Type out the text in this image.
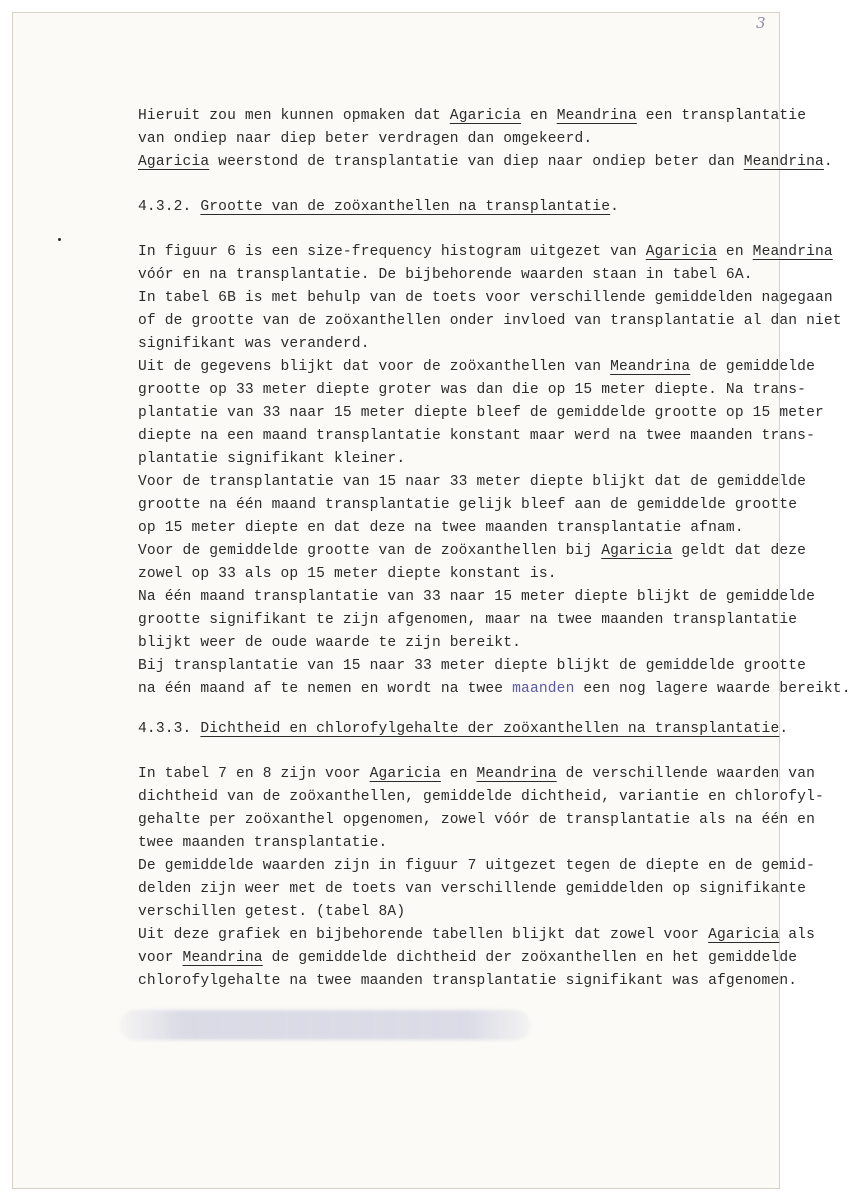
3
Hieruit zou men kunnen opmaken dat Agaricia en Meandrina een transplantatie
van ondiep naar diep beter verdragen dan omgekeerd.
Agaricia weerstond de transplantatie van diep naar ondiep beter dan Meandrina.
4.3.2. Grootte van de zoöxanthellen na transplantatie.
In figuur 6 is een size-frequency histogram uitgezet van Agaricia en Meandrina
vóór en na transplantatie. De bijbehorende waarden staan in tabel 6A.
In tabel 6B is met behulp van de toets voor verschillende gemiddelden nagegaan
of de grootte van de zoöxanthellen onder invloed van transplantatie al dan niet
signifikant was veranderd.
Uit de gegevens blijkt dat voor de zoöxanthellen van Meandrina de gemiddelde
grootte op 33 meter diepte groter was dan die op 15 meter diepte. Na trans-
plantatie van 33 naar 15 meter diepte bleef de gemiddelde grootte op 15 meter
diepte na een maand transplantatie konstant maar werd na twee maanden trans-
plantatie signifikant kleiner.
Voor de transplantatie van 15 naar 33 meter diepte blijkt dat de gemiddelde
grootte na één maand transplantatie gelijk bleef aan de gemiddelde grootte
op 15 meter diepte en dat deze na twee maanden transplantatie afnam.
Voor de gemiddelde grootte van de zoöxanthellen bij Agaricia geldt dat deze
zowel op 33 als op 15 meter diepte konstant is.
Na één maand transplantatie van 33 naar 15 meter diepte blijkt de gemiddelde
grootte signifikant te zijn afgenomen, maar na twee maanden transplantatie
blijkt weer de oude waarde te zijn bereikt.
Bij transplantatie van 15 naar 33 meter diepte blijkt de gemiddelde grootte
na één maand af te nemen en wordt na twee maanden een nog lagere waarde bereikt.
4.3.3. Dichtheid en chlorofylgehalte der zoöxanthellen na transplantatie.
In tabel 7 en 8 zijn voor Agaricia en Meandrina de verschillende waarden van
dichtheid van de zoöxanthellen, gemiddelde dichtheid, variantie en chlorofyl-
gehalte per zoöxanthel opgenomen, zowel vóór de transplantatie als na één en
twee maanden transplantatie.
De gemiddelde waarden zijn in figuur 7 uitgezet tegen de diepte en de gemid-
delden zijn weer met de toets van verschillende gemiddelden op signifikante
verschillen getest. (tabel 8A)
Uit deze grafiek en bijbehorende tabellen blijkt dat zowel voor Agaricia als
voor Meandrina de gemiddelde dichtheid der zoöxanthellen en het gemiddelde
chlorofylgehalte na twee maanden transplantatie signifikant was afgenomen.
